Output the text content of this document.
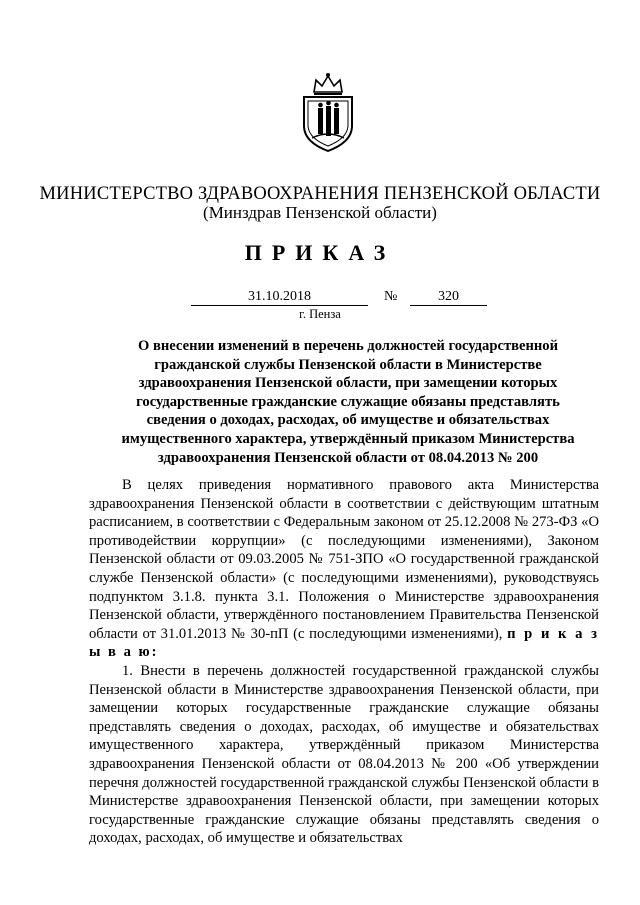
МИНИСТЕРСТВО ЗДРАВООХРАНЕНИЯ ПЕНЗЕНСКОЙ ОБЛАСТИ
(Минздрав Пензенской области)
ПРИКАЗ
31.10.2018	№	320
г. Пенза
О внесении изменений в перечень должностей государственной гражданской службы Пензенской области в Министерстве здравоохранения Пензенской области, при замещении которых государственные гражданские служащие обязаны представлять сведения о доходах, расходах, об имуществе и обязательствах имущественного характера, утверждённый приказом Министерства здравоохранения Пензенской области от 08.04.2013 № 200

В целях приведения нормативного правового акта Министерства здравоохранения Пензенской области в соответствии с действующим штатным расписанием, в соответствии с Федеральным законом от 25.12.2008 № 273-ФЗ «О противодействии коррупции» (с последующими изменениями), Законом Пензенской области от 09.03.2005 № 751-ЗПО «О государственной гражданской службе Пензенской области» (с последующими изменениями), руководствуясь подпунктом 3.1.8. пункта 3.1. Положения о Министерстве здравоохранения Пензенской области, утверждённого постановлением Правительства Пензенской области от 31.01.2013 № 30-пП (с последующими изменениями), п р и к а з ы в а ю:

1. Внести в перечень должностей государственной гражданской службы Пензенской области в Министерстве здравоохранения Пензенской области, при замещении которых государственные гражданские служащие обязаны представлять сведения о доходах, расходах, об имуществе и обязательствах имущественного характера, утверждённый приказом Министерства здравоохранения Пензенской области от 08.04.2013 № 200 «Об утверждении перечня должностей государственной гражданской службы Пензенской области в Министерстве здравоохранения Пензенской области, при замещении которых государственные гражданские служащие обязаны представлять сведения о доходах, расходах, об имуществе и обязательствах
